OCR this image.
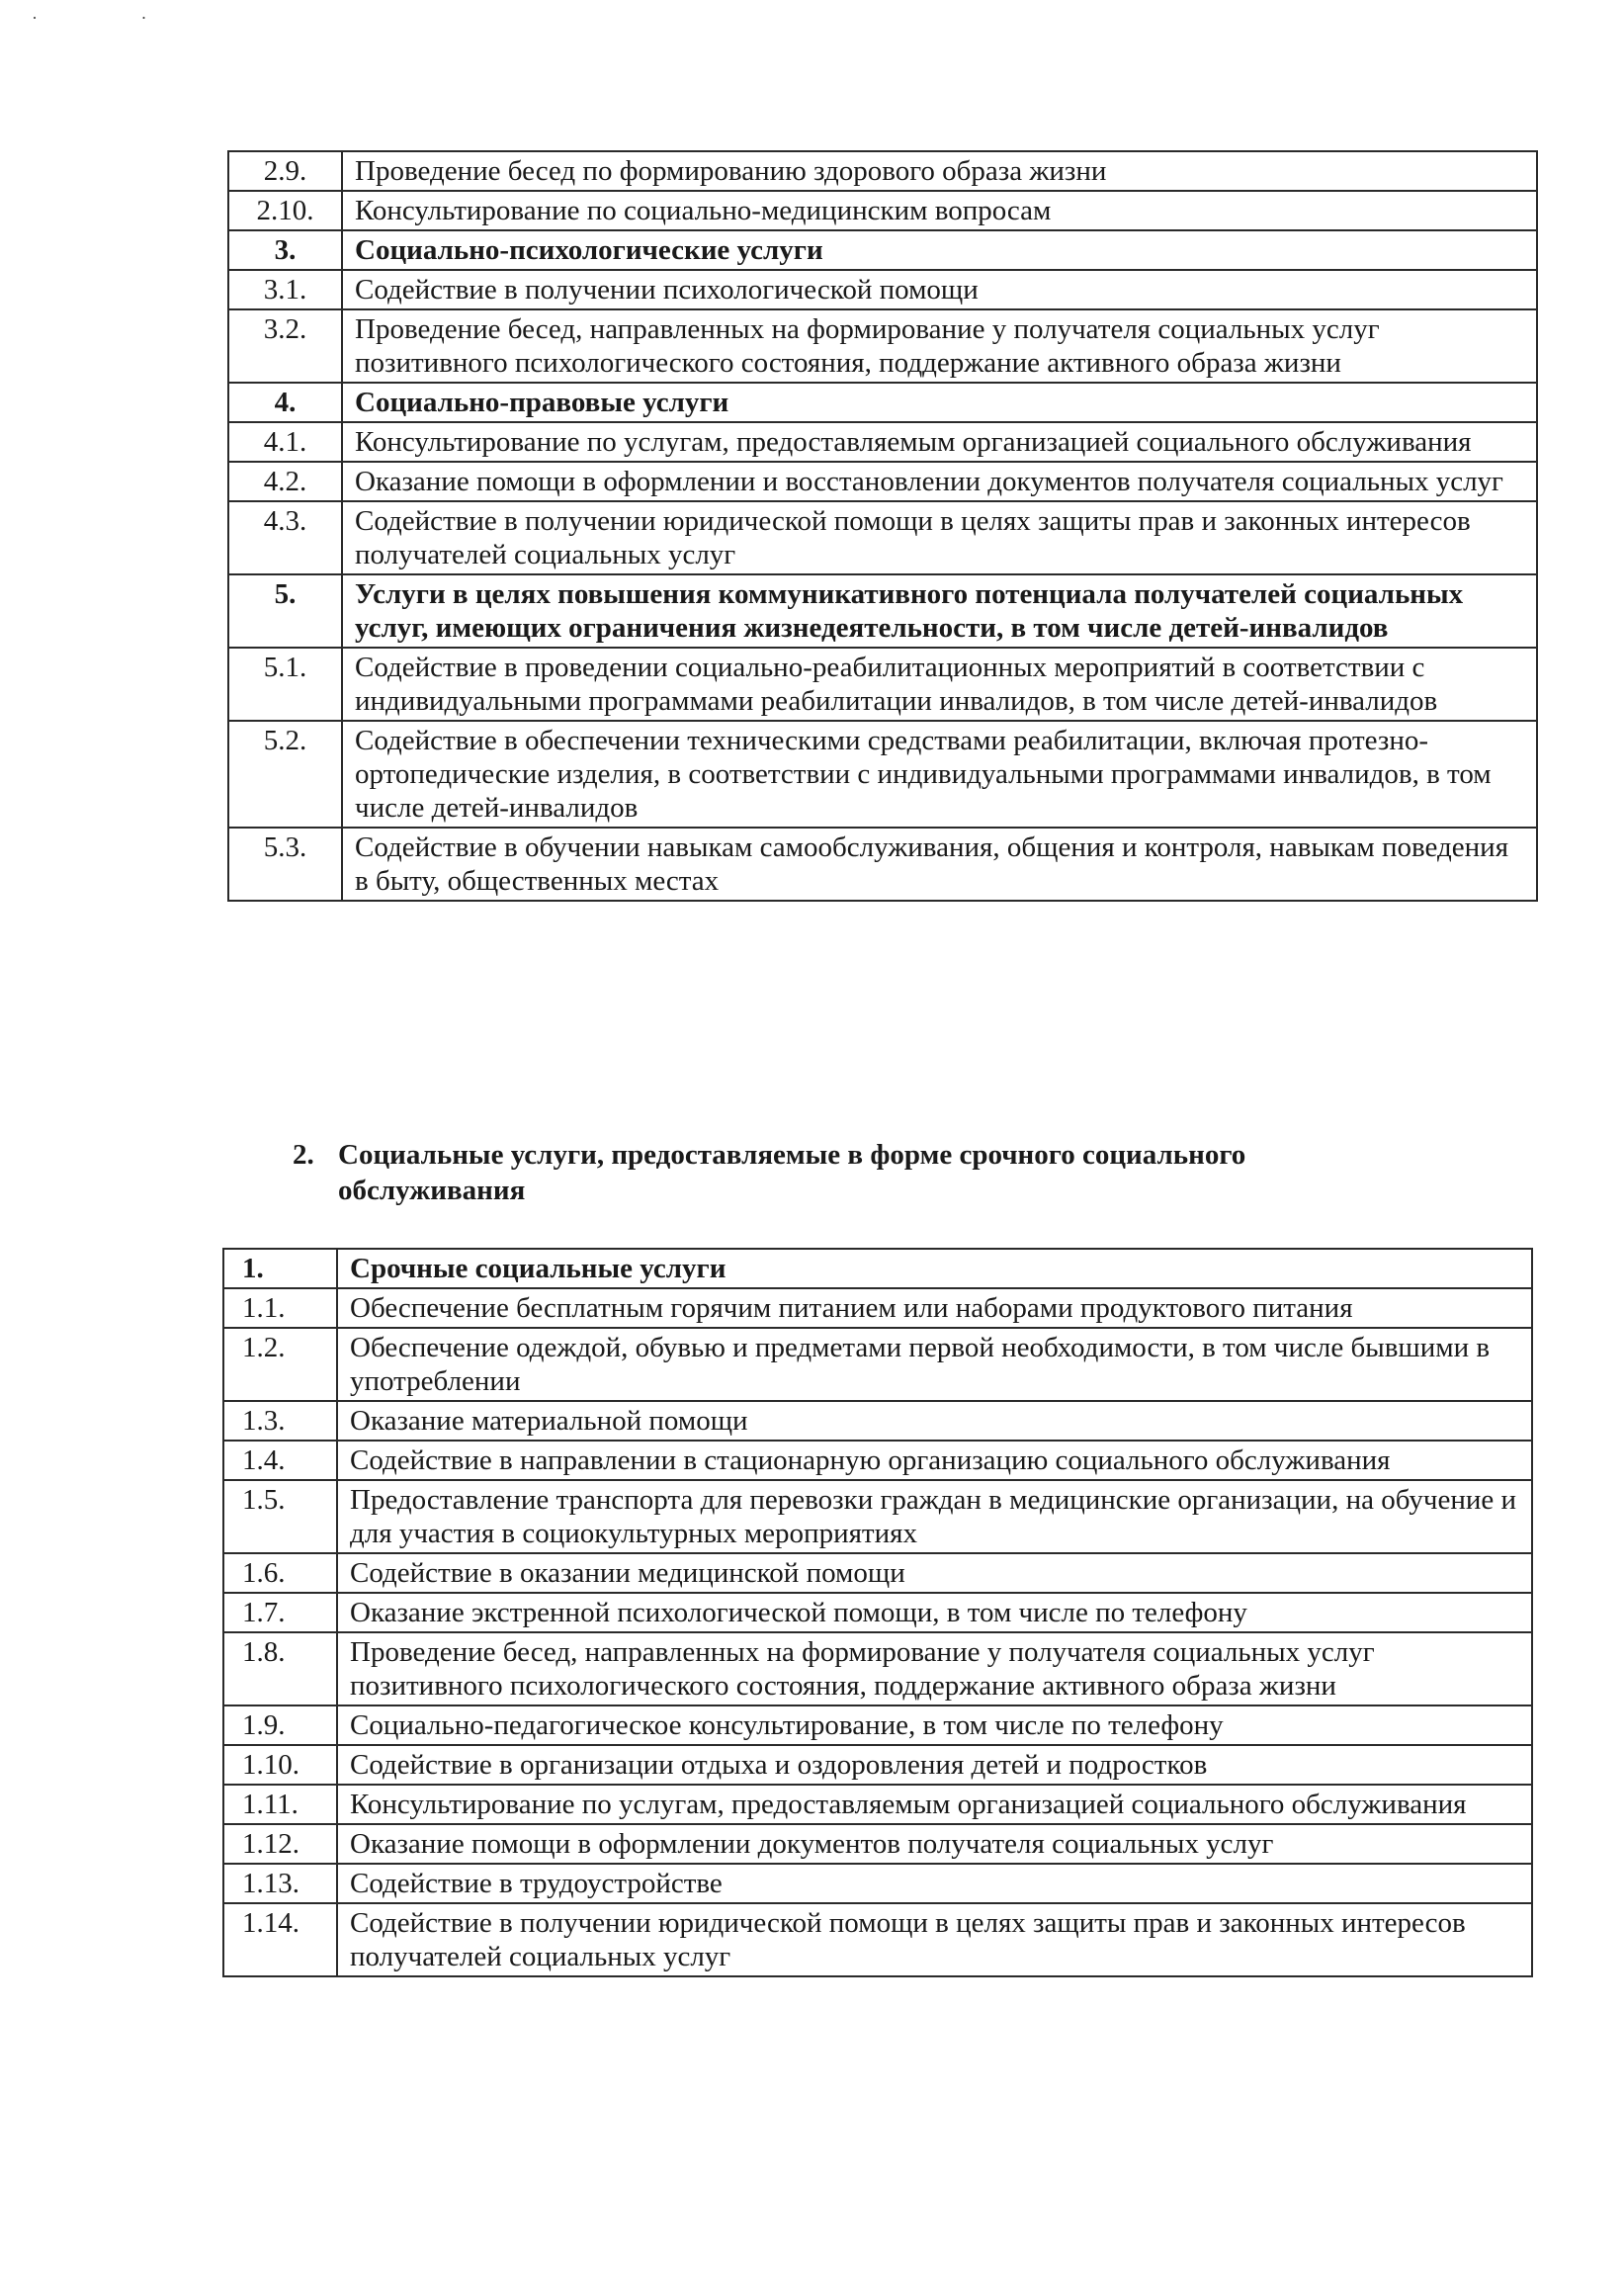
· ·
2.9.	Проведение бесед по формированию здорового образа жизни
2.10.	Консультирование по социально-медицинским вопросам
3.	Социально-психологические услуги
3.1.	Содействие в получении психологической помощи
3.2.	Проведение бесед, направленных на формирование у получателя социальных услуг позитивного психологического состояния, поддержание активного образа жизни
4.	Социально-правовые услуги
4.1.	Консультирование по услугам, предоставляемым организацией социального обслуживания
4.2.	Оказание помощи в оформлении и восстановлении документов получателя социальных услуг
4.3.	Содействие в получении юридической помощи в целях защиты прав и законных интересов получателей социальных услуг
5.	Услуги в целях повышения коммуникативного потенциала получателей социальных услуг, имеющих ограничения жизнедеятельности, в том числе детей-инвалидов
5.1.	Содействие в проведении социально-реабилитационных мероприятий в соответствии с индивидуальными программами реабилитации инвалидов, в том числе детей-инвалидов
5.2.	Содействие в обеспечении техническими средствами реабилитации, включая протезно-ортопедические изделия, в соответствии с индивидуальными программами инвалидов, в том числе детей-инвалидов
5.3.	Содействие в обучении навыкам самообслуживания, общения и контроля, навыкам поведения в быту, общественных местах
2. Социальные услуги, предоставляемые в форме срочного социального обслуживания
1.	Срочные социальные услуги
1.1.	Обеспечение бесплатным горячим питанием или наборами продуктового питания
1.2.	Обеспечение одеждой, обувью и предметами первой необходимости, в том числе бывшими в употреблении
1.3.	Оказание материальной помощи
1.4.	Содействие в направлении в стационарную организацию социального обслуживания
1.5.	Предоставление транспорта для перевозки граждан в медицинские организации, на обучение и для участия в социокультурных мероприятиях
1.6.	Содействие в оказании медицинской помощи
1.7.	Оказание экстренной психологической помощи, в том числе по телефону
1.8.	Проведение бесед, направленных на формирование у получателя социальных услуг позитивного психологического состояния, поддержание активного образа жизни
1.9.	Социально-педагогическое консультирование, в том числе по телефону
1.10.	Содействие в организации отдыха и оздоровления детей и подростков
1.11.	Консультирование по услугам, предоставляемым организацией социального обслуживания
1.12.	Оказание помощи в оформлении документов получателя социальных услуг
1.13.	Содействие в трудоустройстве
1.14.	Содействие в получении юридической помощи в целях защиты прав и законных интересов получателей социальных услуг
